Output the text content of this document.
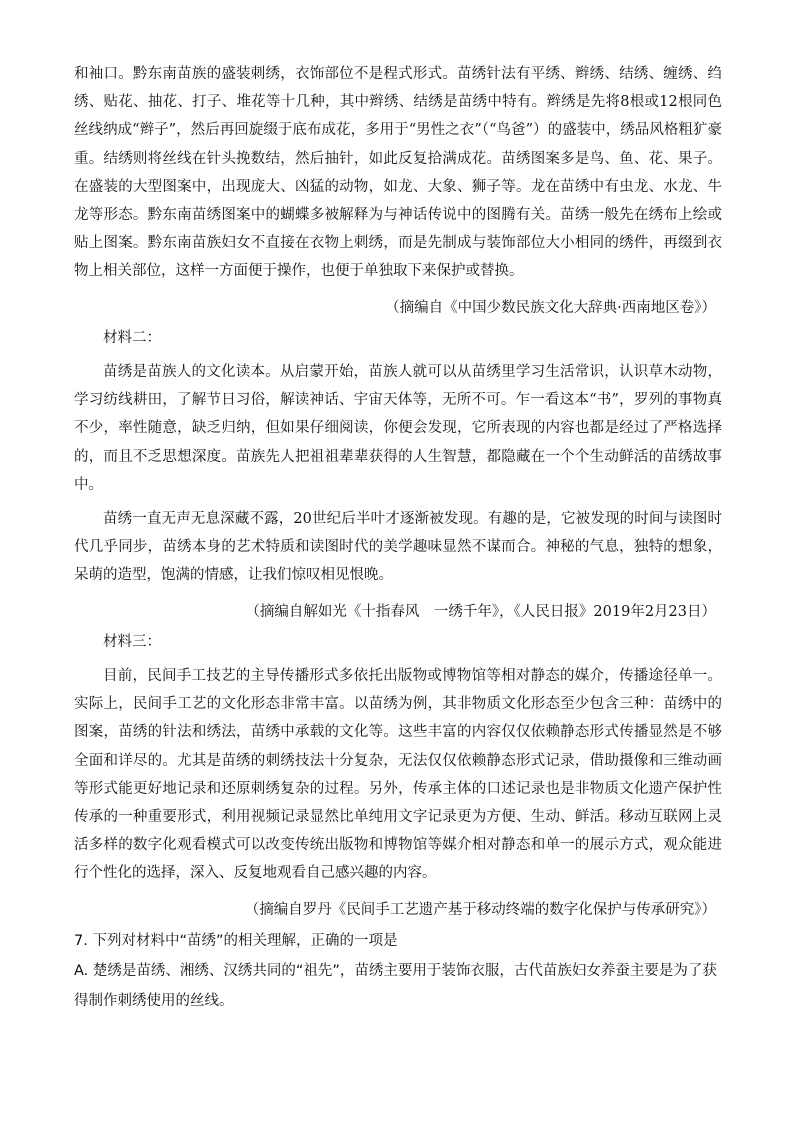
和袖口。黔东南苗族的盛装刺绣，衣饰部位不是程式形式。苗绣针法有平绣、辫绣、结绣、缠绣、绉绣、贴花、抽花、打子、堆花等十几种，其中辫绣、结绣是苗绣中特有。辫绣是先将8根或12根同色丝线纳成“辫子”，然后再回旋缀于底布成花，多用于“男性之衣”（“鸟爸”）的盛装中，绣品风格粗犷豪重。结绣则将丝线在针头挽数结，然后抽针，如此反复拾满成花。苗绣图案多是鸟、鱼、花、果子。在盛装的大型图案中，出现庞大、凶猛的动物，如龙、大象、狮子等。龙在苗绣中有虫龙、水龙、牛龙等形态。黔东南苗绣图案中的蝴蝶多被解释为与神话传说中的图腾有关。苗绣一般先在绣布上绘或贴上图案。黔东南苗族妇女不直接在衣物上刺绣，而是先制成与装饰部位大小相同的绣件，再缀到衣物上相关部位，这样一方面便于操作，也便于单独取下来保护或替换。

（摘编自《中国少数民族文化大辞典·西南地区卷》）

材料二：

苗绣是苗族人的文化读本。从启蒙开始，苗族人就可以从苗绣里学习生活常识，认识草木动物，学习纺线耕田，了解节日习俗，解读神话、宇宙天体等，无所不可。乍一看这本“书”，罗列的事物真不少，率性随意，缺乏归纳，但如果仔细阅读，你便会发现，它所表现的内容也都是经过了严格选择的，而且不乏思想深度。苗族先人把祖祖辈辈获得的人生智慧，都隐藏在一个个生动鲜活的苗绣故事中。

苗绣一直无声无息深藏不露，20世纪后半叶才逐渐被发现。有趣的是，它被发现的时间与读图时代几乎同步，苗绣本身的艺术特质和读图时代的美学趣味显然不谋而合。神秘的气息，独特的想象，呆萌的造型，饱满的情感，让我们惊叹相见恨晚。

（摘编自解如光《十指春风　一绣千年》，《人民日报》2019年2月23日）

材料三：

目前，民间手工技艺的主导传播形式多依托出版物或博物馆等相对静态的媒介，传播途径单一。实际上，民间手工艺的文化形态非常丰富。以苗绣为例，其非物质文化形态至少包含三种：苗绣中的图案，苗绣的针法和绣法，苗绣中承载的文化等。这些丰富的内容仅仅依赖静态形式传播显然是不够全面和详尽的。尤其是苗绣的刺绣技法十分复杂，无法仅仅依赖静态形式记录，借助摄像和三维动画等形式能更好地记录和还原刺绣复杂的过程。另外，传承主体的口述记录也是非物质文化遗产保护性传承的一种重要形式，利用视频记录显然比单纯用文字记录更为方便、生动、鲜活。移动互联网上灵活多样的数字化观看模式可以改变传统出版物和博物馆等媒介相对静态和单一的展示方式，观众能进行个性化的选择，深入、反复地观看自己感兴趣的内容。

（摘编自罗丹《民间手工艺遗产基于移动终端的数字化保护与传承研究》）

7. 下列对材料中“苗绣”的相关理解，正确的一项是

A. 楚绣是苗绣、湘绣、汉绣共同的“祖先”，苗绣主要用于装饰衣服，古代苗族妇女养蚕主要是为了获得制作刺绣使用的丝线。
